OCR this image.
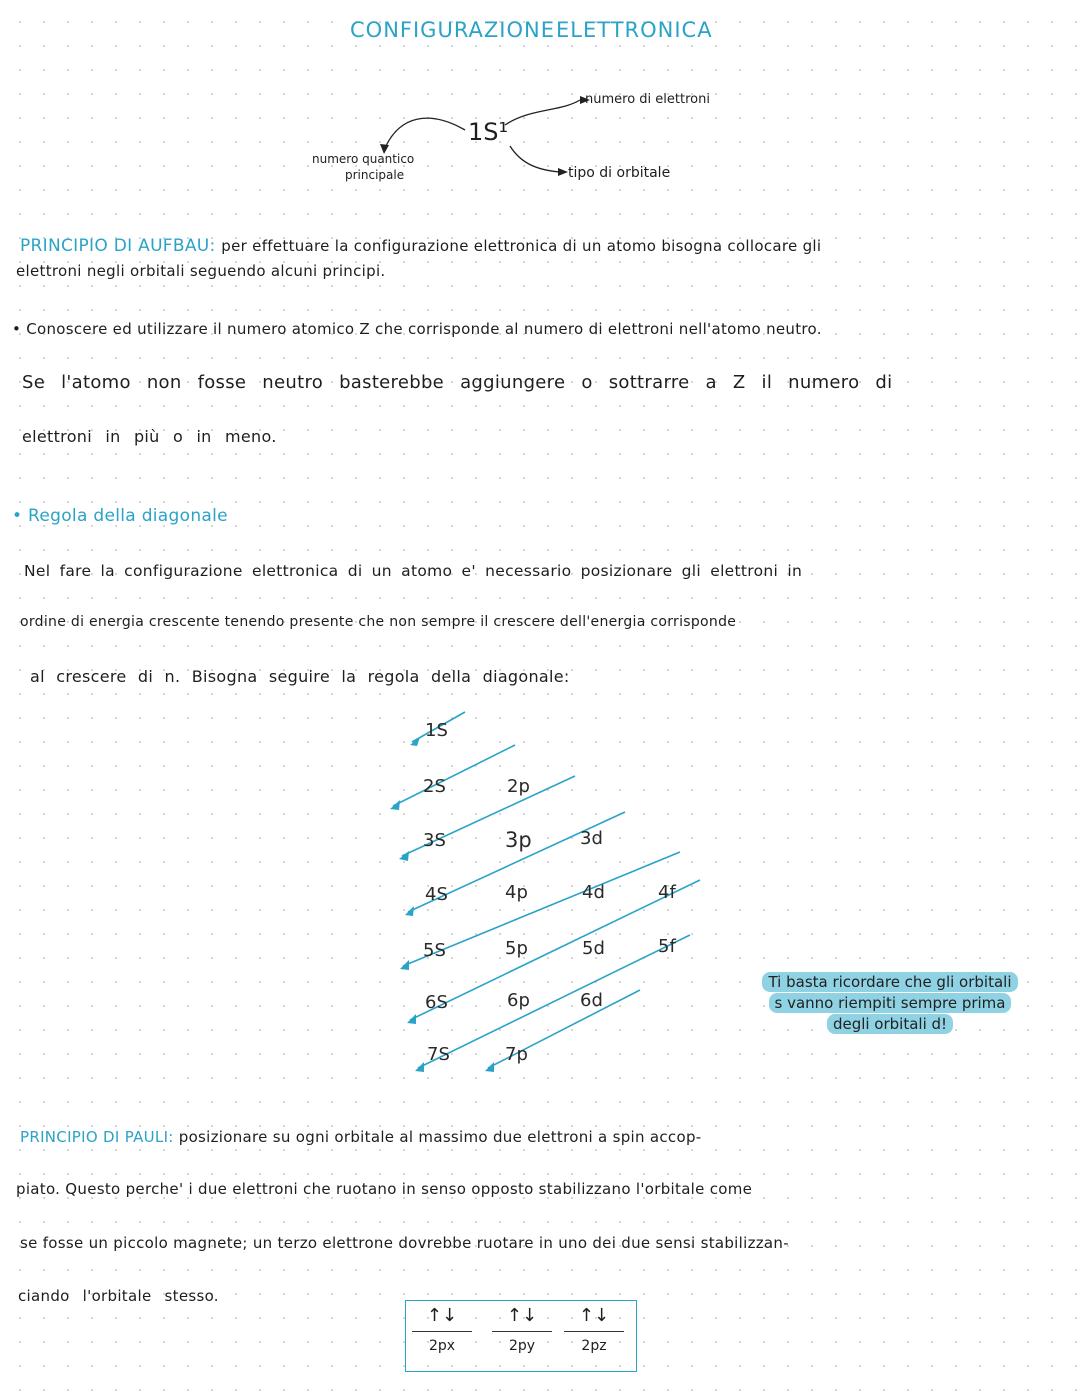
CONFIGURAZIONE ELETTRONICA
1S¹
numero di elettroni
tipo di orbitale
numero quantico
principale
PRINCIPIO DI AUFBAU: per effettuare la configurazione elettronica di un atomo bisogna collocare gli
elettroni negli orbitali seguendo alcuni principi.
• Conoscere ed utilizzare il numero atomico Z che corrisponde al numero di elettroni nell'atomo neutro.
Se l'atomo non fosse neutro basterebbe aggiungere o sottrarre a Z il numero di
elettroni in più o in meno.
• Regola della diagonale
Nel fare la configurazione elettronica di un atomo e' necessario posizionare gli elettroni in
ordine di energia crescente tenendo presente che non sempre il crescere dell'energia corrisponde
al crescere di n. Bisogna seguire la regola della diagonale:
1S
2S
3S
4S
5S
6S
7S
2p
3p
4p
5p
6p
7p
3d
4d
5d
6d
4f
5f
Ti basta ricordare che gli orbitali
s vanno riempiti sempre prima
degli orbitali d!
PRINCIPIO DI PAULI: posizionare su ogni orbitale al massimo due elettroni a spin accop-
piato. Questo perche' i due elettroni che ruotano in senso opposto stabilizzano l'orbitale come
se fosse un piccolo magnete; un terzo elettrone dovrebbe ruotare in uno dei due sensi stabilizzan-
ciando l'orbitale stesso.
↑↓
2px
↑↓
2py
↑↓
2pz
